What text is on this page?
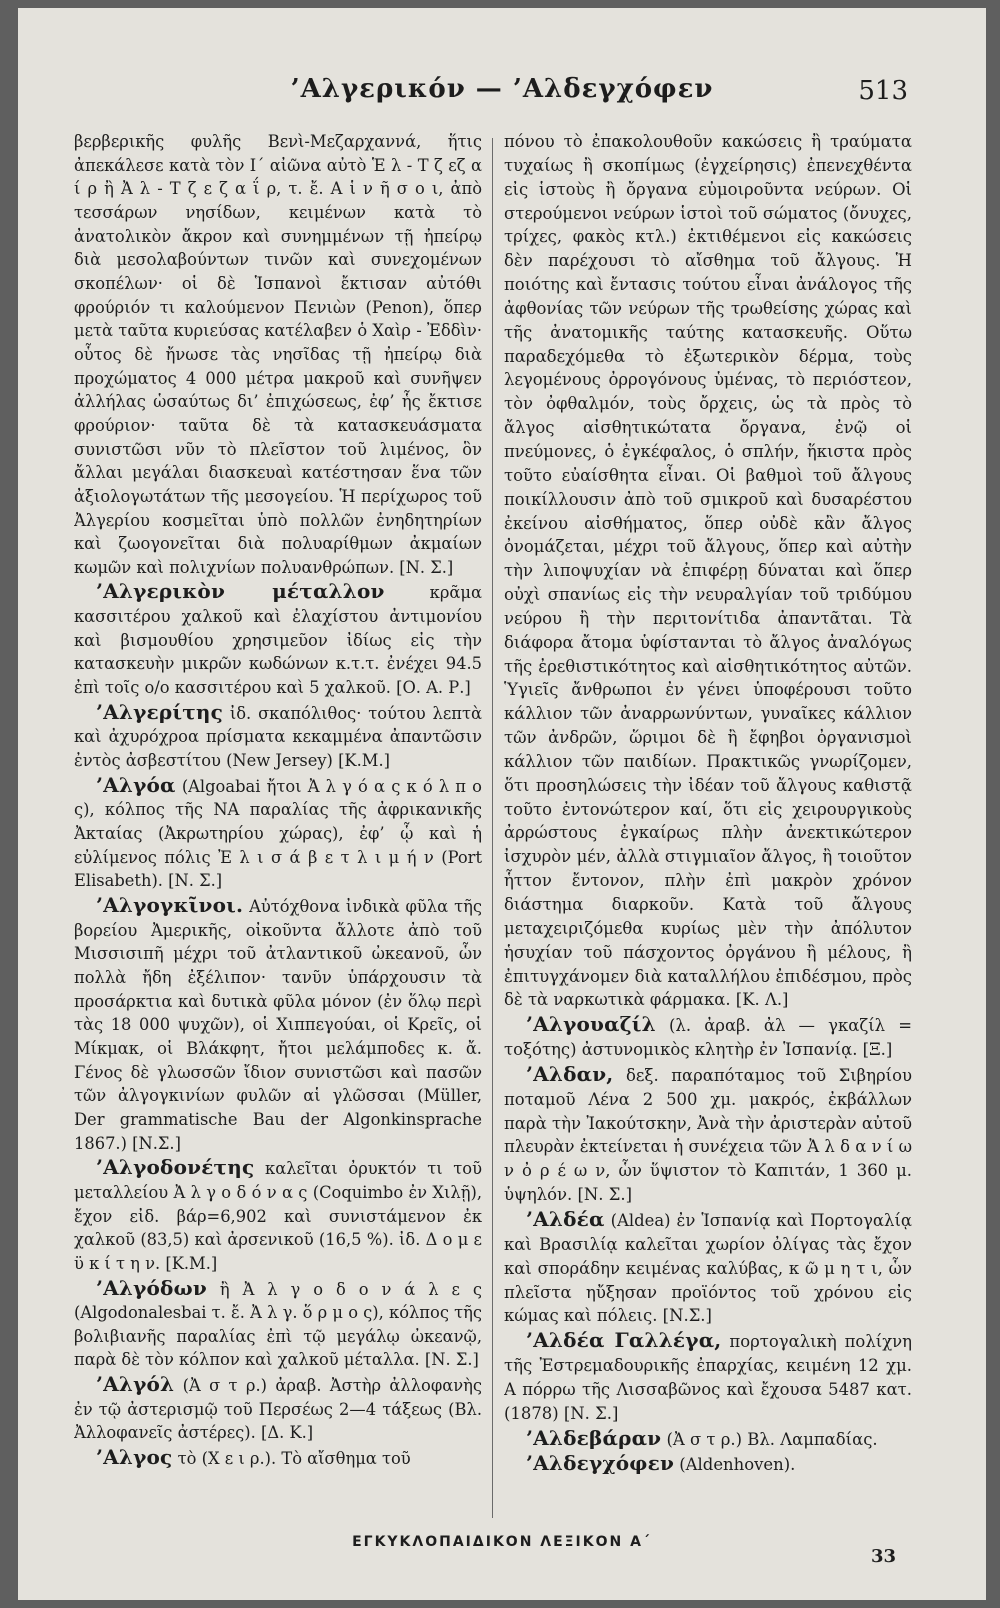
’Αλγερικόν — ’Αλδεγχόφεν	513

βερβερικῆς φυλῆς Βενὶ-Μεζαρχαννά, ἥτις ἀπεκάλεσε κατὰ τὸν Ι´ αἰῶνα αὐτὸ Ἑ λ - Τ ζ εζ α ί ρ ἢ Ἀ λ - Τ ζ ε ζ α ΐ ρ, τ. ἔ. Α ἱ ν ῆ σ ο ι, ἀπὸ τεσσάρων νησίδων, κειμένων κατὰ τὸ ἀνατολικὸν ἄκρον καὶ συνημμένων τῇ ἠπείρῳ διὰ μεσολαβούντων τινῶν καὶ συνεχομένων σκοπέλων· οἱ δὲ Ἱσπανοὶ ἔκτισαν αὐτόθι φρούριόν τι καλούμενον Πενιὼν (Penon), ὅπερ μετὰ ταῦτα κυριεύσας κατέλαβεν ὁ Χαὶρ - Ἐδδὶν· οὗτος δὲ ἤνωσε τὰς νησῖδας τῇ ἠπείρῳ διὰ προχώματος 4 000 μέτρα μακροῦ καὶ συνῆψεν ἀλλήλας ὡσαύτως δι’ ἐπιχώσεως, ἐφ’ ἧς ἔκτισε φρούριον· ταῦτα δὲ τὰ κατασκευάσματα συνιστῶσι νῦν τὸ πλεῖστον τοῦ λιμένος, ὃν ἄλλαι μεγάλαι διασκευαὶ κατέστησαν ἕνα τῶν ἀξιολογωτάτων τῆς μεσογείου. Ἡ περίχωρος τοῦ Ἀλγερίου κοσμεῖται ὑπὸ πολλῶν ἐνηδητηρίων καὶ ζωογονεῖται διὰ πολυαρίθμων ἀκμαίων κωμῶν καὶ πολιχνίων πολυανθρώπων. [Ν. Σ.]

’Αλγερικὸν μέταλλον κρᾶμα κασσιτέρου χαλκοῦ καὶ ἐλαχίστου ἀντιμονίου καὶ βισμουθίου χρησιμεῦον ἰδίως εἰς τὴν κατασκευὴν μικρῶν κωδώνων κ.τ.τ. ἐνέχει 94.5 ἐπὶ τοῖς ο/ο κασσιτέρου καὶ 5 χαλκοῦ. [Ο. Α. Ρ.]

’Αλγερίτης ἰδ. σκαπόλιθος· τούτου λεπτὰ καὶ ἀχυρόχροα πρίσματα κεκαμμένα ἀπαντῶσιν ἐντὸς ἀσβεστίτου (New Jersey) [Κ.Μ.]

’Αλγόα (Algoabai ἤτοι Ἀ λ γ ό α ς κ ό λ π ο ς), κόλπος τῆς ΝΑ παραλίας τῆς ἀφρικανικῆς Ἀκταίας (Ἀκρωτηρίου χώρας), ἐφ’ ᾧ καὶ ἡ εὐλίμενος πόλις Ἐ λ ι σ ά β ε τ λ ι μ ή ν (Port Elisabeth). [Ν. Σ.]

’Αλγογκῖνοι. Αὐτόχθονα ἰνδικὰ φῦλα τῆς βορείου Ἀμερικῆς, οἰκοῦντα ἄλλοτε ἀπὸ τοῦ Μισσισιπῆ μέχρι τοῦ ἀτλαντικοῦ ὠκεανοῦ, ὧν πολλὰ ἤδη ἐξέλιπον· τανῦν ὑπάρχουσιν τὰ προσάρκτια καὶ δυτικὰ φῦλα μόνον (ἐν ὅλῳ περὶ τὰς 18 000 ψυχῶν), οἱ Χιππεγούαι, οἱ Κρεῖς, οἱ Μίκμακ, οἱ Βλάκφητ, ἤτοι μελάμποδες κ. ἄ. Γένος δὲ γλωσσῶν ἴδιον συνιστῶσι καὶ πασῶν τῶν ἀλγογκινίων φυλῶν αἱ γλῶσσαι (Müller, Der grammatische Bau der Algonkinsprache 1867.) [Ν.Σ.]

’Αλγοδονέτης καλεῖται ὀρυκτόν τι τοῦ μεταλλείου Ἀ λ γ ο δ ό ν α ς (Coquimbo ἐν Χιλῇ), ἔχον εἰδ. βάρ=6,902 καὶ συνιστάμενον ἐκ χαλκοῦ (83,5) καὶ ἀρσενικοῦ (16,5 %). ἰδ. Δ ο μ ε ϋ κ ί τ η ν. [Κ.Μ.]

’Αλγόδων ἢ Ἀ λ γ ο δ ο ν ά λ ε ς (Algodonalesbai τ. ἔ. Ἀ λ γ. ὅ ρ μ ο ς), κόλπος τῆς βολιβιανῆς παραλίας ἐπὶ τῷ μεγάλῳ ὠκεανῷ, παρὰ δὲ τὸν κόλπον καὶ χαλκοῦ μέταλλα. [Ν. Σ.]

’Αλγόλ (Ἀ σ τ ρ.) ἀραβ. Ἀστὴρ ἀλλοφανὴς ἐν τῷ ἀστερισμῷ τοῦ Περσέως 2—4 τάξεως (Βλ. Ἀλλοφανεῖς ἀστέρες). [Δ. Κ.]

’Αλγος τὸ (Χ ε ι ρ.). Τὸ αἴσθημα τοῦ

πόνου τὸ ἐπακολουθοῦν κακώσεις ἢ τραύματα τυχαίως ἢ σκοπίμως (ἐγχείρησις) ἐπενεχθέντα εἰς ἱστοὺς ἢ ὄργανα εὐμοιροῦντα νεύρων. Οἱ στερούμενοι νεύρων ἱστοὶ τοῦ σώματος (ὄνυχες, τρίχες, φακὸς κτλ.) ἐκτιθέμενοι εἰς κακώσεις δὲν παρέχουσι τὸ αἴσθημα τοῦ ἄλγους. Ἡ ποιότης καὶ ἔντασις τούτου εἶναι ἀνάλογος τῆς ἀφθονίας τῶν νεύρων τῆς τρωθείσης χώρας καὶ τῆς ἀνατομικῆς ταύτης κατασκευῆς. Οὕτω παραδεχόμεθα τὸ ἐξωτερικὸν δέρμα, τοὺς λεγομένους ὀρρογόνους ὑμένας, τὸ περιόστεον, τὸν ὀφθαλμόν, τοὺς ὄρχεις, ὡς τὰ πρὸς τὸ ἄλγος αἰσθητικώτατα ὄργανα, ἐνῷ οἱ πνεύμονες, ὁ ἐγκέφαλος, ὁ σπλήν, ἥκιστα πρὸς τοῦτο εὐαίσθητα εἶναι. Οἱ βαθμοὶ τοῦ ἄλγους ποικίλλουσιν ἀπὸ τοῦ σμικροῦ καὶ δυσαρέστου ἐκείνου αἰσθήματος, ὅπερ οὐδὲ κἂν ἄλγος ὀνομάζεται, μέχρι τοῦ ἄλγους, ὅπερ καὶ αὐτὴν τὴν λιποψυχίαν νὰ ἐπιφέρῃ δύναται καὶ ὅπερ οὐχὶ σπανίως εἰς τὴν νευραλγίαν τοῦ τριδύμου νεύρου ἢ τὴν περιτονίτιδα ἀπαντᾶται. Τὰ διάφορα ἄτομα ὑφίστανται τὸ ἄλγος ἀναλόγως τῆς ἐρεθιστικότητος καὶ αἰσθητικότητος αὐτῶν. Ὑγιεῖς ἄνθρωποι ἐν γένει ὑποφέρουσι τοῦτο κάλλιον τῶν ἀναρρωνύντων, γυναῖκες κάλλιον τῶν ἀνδρῶν, ὥριμοι δὲ ἢ ἔφηβοι ὀργανισμοὶ κάλλιον τῶν παιδίων. Πρακτικῶς γνωρίζομεν, ὅτι προσηλώσεις τὴν ἰδέαν τοῦ ἄλγους καθιστᾷ τοῦτο ἐντονώτερον καί, ὅτι εἰς χειρουργικοὺς ἀρρώστους ἐγκαίρως πλὴν ἀνεκτικώτερον ἰσχυρὸν μέν, ἀλλὰ στιγμιαῖον ἄλγος, ἢ τοιοῦτον ἧττον ἔντονον, πλὴν ἐπὶ μακρὸν χρόνον διάστημα διαρκοῦν. Κατὰ τοῦ ἄλγους μεταχειριζόμεθα κυρίως μὲν τὴν ἀπόλυτον ἡσυχίαν τοῦ πάσχοντος ὀργάνου ἢ μέλους, ἢ ἐπιτυγχάνομεν διὰ καταλλήλου ἐπιδέσμου, πρὸς δὲ τὰ ναρκωτικὰ φάρμακα. [Κ. Λ.]

’Αλγουαζίλ (λ. ἀραβ. ἀλ — γκαζίλ = τοξότης) ἀστυνομικὸς κλητὴρ ἐν Ἱσπανίᾳ. [Ξ.]

’Αλδαν, δεξ. παραπόταμος τοῦ Σιβηρίου ποταμοῦ Λένα 2 500 χμ. μακρός, ἐκβάλλων παρὰ τὴν Ἰακούτσκην, Ἀνὰ τὴν ἀριστερὰν αὐτοῦ πλευρὰν ἐκτείνεται ἡ συνέχεια τῶν Ἀ λ δ α ν ί ω ν ὀ ρ έ ω ν, ὧν ὕψιστον τὸ Καπιτάν, 1 360 μ. ὑψηλόν. [Ν. Σ.]

’Αλδέα (Aldea) ἐν Ἱσπανίᾳ καὶ Πορτογαλίᾳ καὶ Βρασιλίᾳ καλεῖται χωρίον ὀλίγας τὰς ἔχον καὶ σποράδην κειμένας καλύβας, κ ῶ μ η τ ι, ὧν πλεῖστα ηὔξησαν προϊόντος τοῦ χρόνου εἰς κώμας καὶ πόλεις. [Ν.Σ.]

’Αλδέα Γαλλέγα, πορτογαλικὴ πολίχνη τῆς Ἐστρεμαδουρικῆς ἐπαρχίας, κειμένη 12 χμ. Α πόρρω τῆς Λισσαβῶνος καὶ ἔχουσα 5487 κατ. (1878) [Ν. Σ.]

’Αλδεβάραν (Ἀ σ τ ρ.) Βλ. Λαμπαδίας.

’Αλδεγχόφεν (Aldenhoven).

ΕΓΚΥΚΛΟΠΑΙΔΙΚΟΝ ΛΕΞΙΚΟΝ Α´
33
